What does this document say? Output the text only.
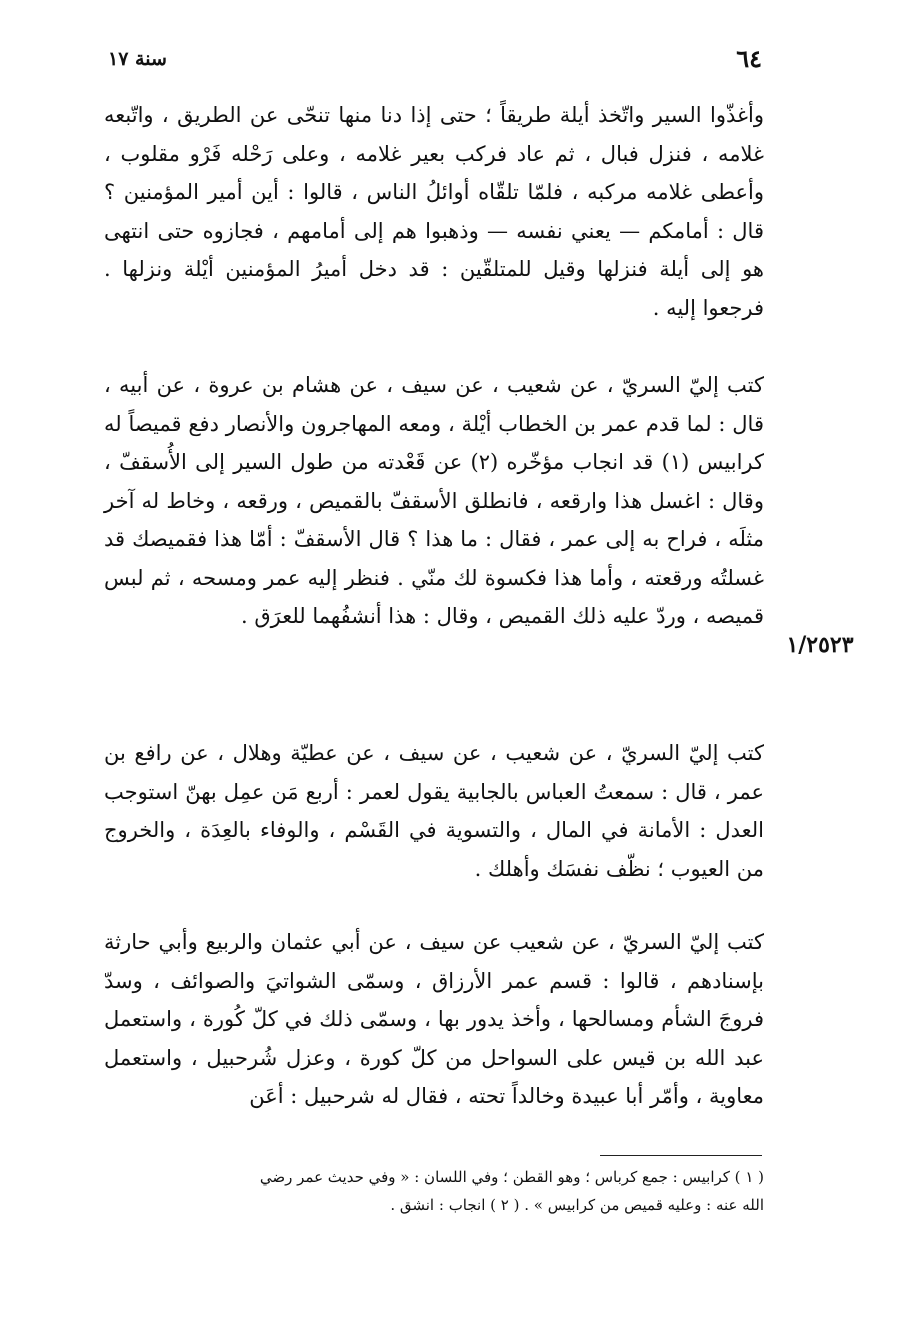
٦٤
سنة ١٧

وأغذّوا السير واتّخذ أيلة طريقاً ؛ حتى إذا دنا منها تنحّى عن الطريق ، واتّبعه غلامه ، فنزل فبال ، ثم عاد فركب بعير غلامه ، وعلى رَحْله فَرْو مقلوب ، وأعطى غلامه مركبه ، فلمّا تلقّاه أوائلُ الناس ، قالوا : أين أمير المؤمنين ؟ قال : أمامكم — يعني نفسه — وذهبوا هم إلى أمامهم ، فجازوه حتى انتهى هو إلى أيلة فنزلها وقيل للمتلقّين : قد دخل أميرُ المؤمنين أيْلة ونزلها . فرجعوا إليه .

كتب إليّ السريّ ، عن شعيب ، عن سيف ، عن هشام بن عروة ، عن أبيه ، قال : لما قدم عمر بن الخطاب أيْلة ، ومعه المهاجرون والأنصار دفع قميصاً له كرابيس (١) قد انجاب مؤخّره (٢) عن قَعْدته من طول السير إلى الأُسقفّ ، وقال : اغسل هذا وارقعه ، فانطلق الأسقفّ بالقميص ، ورقعه ، وخاط له آخر مثلَه ، فراح به إلى عمر ، فقال : ما هذا ؟ قال الأسقفّ : أمّا هذا فقميصك قد غسلتُه ورقعته ، وأما هذا فكسوة لك منّي . فنظر إليه عمر ومسحه ، ثم لبس قميصه ، وردّ عليه ذلك القميص ، وقال : هذا أنشفُهما للعرَق .

١/٢٥٢٣

كتب إليّ السريّ ، عن شعيب ، عن سيف ، عن عطيّة وهلال ، عن رافع بن عمر ، قال : سمعتُ العباس بالجابية يقول لعمر : أربع مَن عمِل بهنّ استوجب العدل : الأمانة في المال ، والتسوية في القَسْم ، والوفاء بالعِدَة ، والخروج من العيوب ؛ نظّف نفسَك وأهلك .

كتب إليّ السريّ ، عن شعيب عن سيف ، عن أبي عثمان والربيع وأبي حارثة بإسنادهم ، قالوا : قسم عمر الأرزاق ، وسمّى الشواتيَ والصوائف ، وسدّ فروجَ الشأم ومسالحها ، وأخذ يدور بها ، وسمّى ذلك في كلّ كُورة ، واستعمل عبد الله بن قيس على السواحل من كلّ كورة ، وعزل شُرحبيل ، واستعمل معاوية ، وأمّر أبا عبيدة وخالداً تحته ، فقال له شرحبيل : أعَن

( ١ ) كرابيس : جمع كرباس ؛ وهو القطن ؛ وفي اللسان : « وفي حديث عمر رضي

الله عنه : وعليه قميص من كرابيس » . ( ٢ ) انجاب : انشق .
